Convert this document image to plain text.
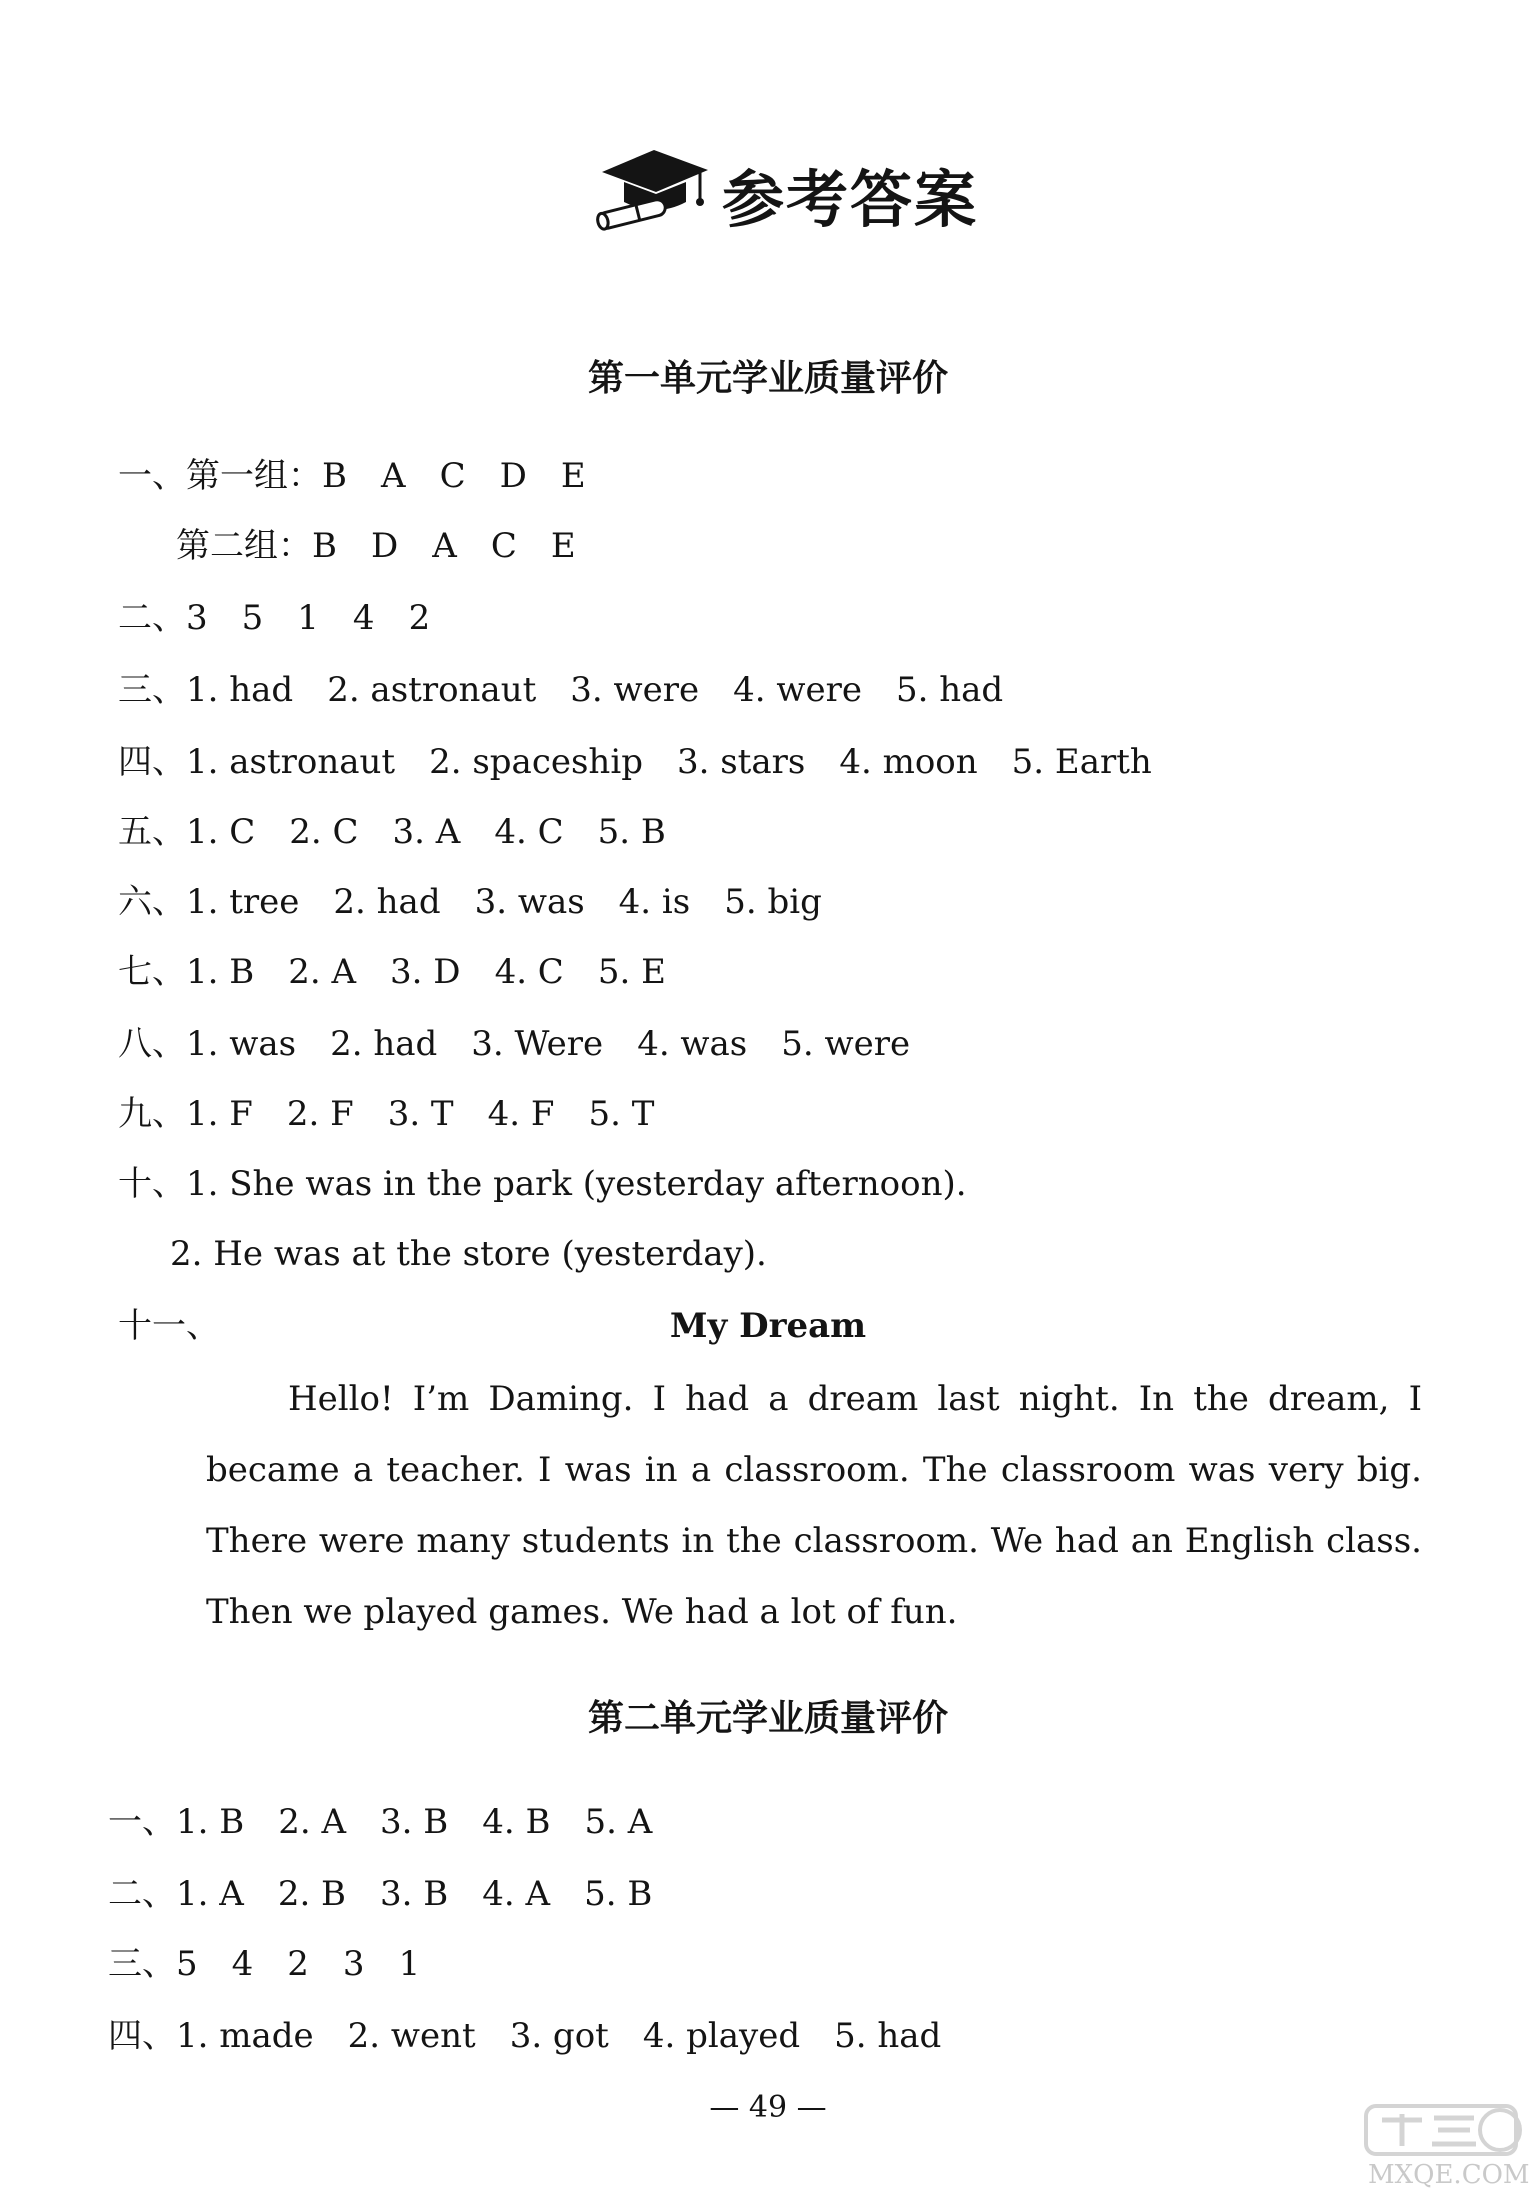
参考答案
第一单元学业质量评价
一、第一组：B A C D E
第二组：B D A C E
二、3 5 1 4 2
三、1. had 2. astronaut 3. were 4. were 5. had
四、1. astronaut 2. spaceship 3. stars 4. moon 5. Earth
五、1. C 2. C 3. A 4. C 5. B
六、1. tree 2. had 3. was 4. is 5. big
七、1. B 2. A 3. D 4. C 5. E
八、1. was 2. had 3. Were 4. was 5. were
九、1. F 2. F 3. T 4. F 5. T
十、1. She was in the park (yesterday afternoon).
2. He was at the store (yesterday).
十一、	My Dream
Hello! I’m Daming. I had a dream last night. In the dream, I became a teacher. I was in a classroom. The classroom was very big. There were many students in the classroom. We had an English class. Then we played games. We had a lot of fun.
第二单元学业质量评价
一、1. B 2. A 3. B 4. B 5. A
二、1. A 2. B 3. B 4. A 5. B
三、5 4 2 3 1
四、1. made 2. went 3. got 4. played 5. had
— 49 —
MXQE.COM
